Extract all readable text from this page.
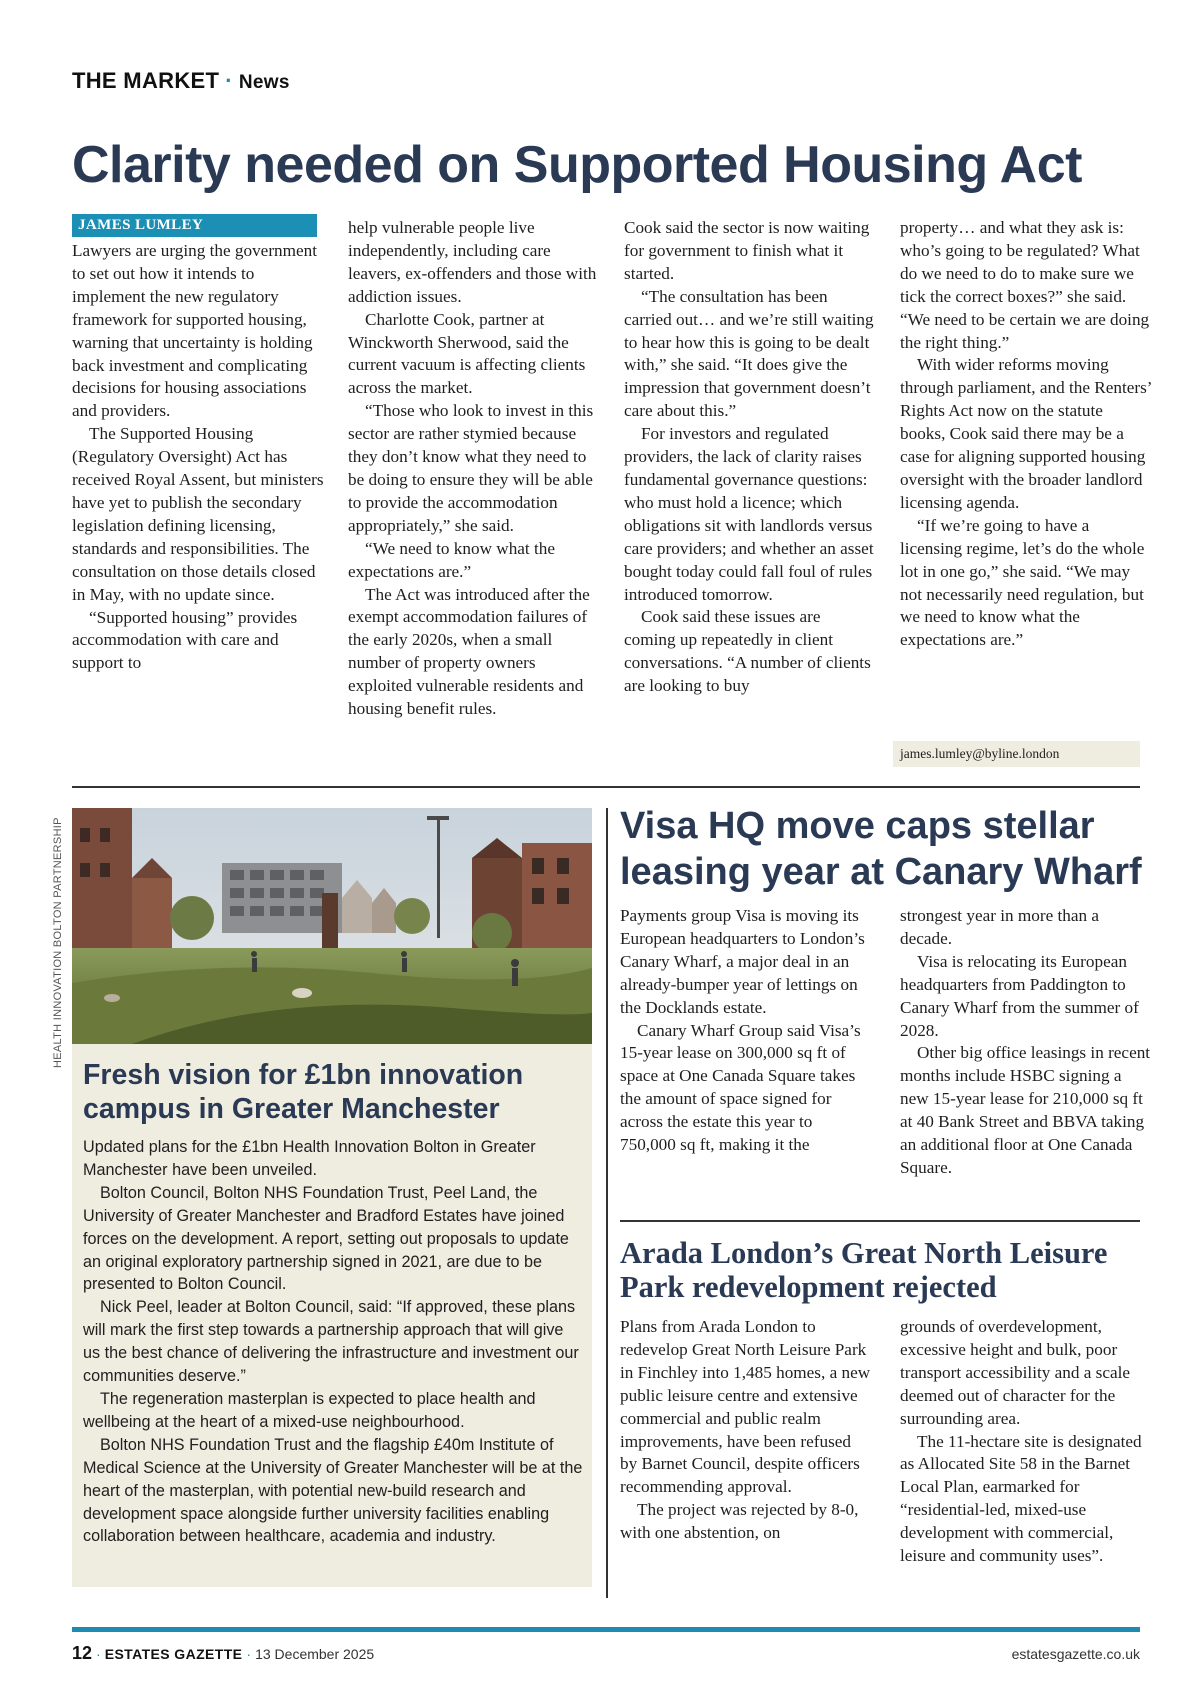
THE MARKET · News
Clarity needed on Supported Housing Act
JAMES LUMLEY

Lawyers are urging the government to set out how it intends to implement the new regulatory framework for supported housing, warning that uncertainty is holding back investment and complicating decisions for housing associations and providers.

The Supported Housing (Regulatory Oversight) Act has received Royal Assent, but ministers have yet to publish the secondary legislation defining licensing, standards and responsibilities. The consultation on those details closed in May, with no update since.

“Supported housing” provides accommodation with care and support to

help vulnerable people live independently, including care leavers, ex-offenders and those with addiction issues.

Charlotte Cook, partner at Winckworth Sherwood, said the current vacuum is affecting clients across the market.

“Those who look to invest in this sector are rather stymied because they don’t know what they need to be doing to ensure they will be able to provide the accommodation appropriately,” she said.

“We need to know what the expectations are.”

The Act was introduced after the exempt accommodation failures of the early 2020s, when a small number of property owners exploited vulnerable residents and housing benefit rules.

Cook said the sector is now waiting for government to finish what it started.

“The consultation has been carried out… and we’re still waiting to hear how this is going to be dealt with,” she said. “It does give the impression that government doesn’t care about this.”

For investors and regulated providers, the lack of clarity raises fundamental governance questions: who must hold a licence; which obligations sit with landlords versus care providers; and whether an asset bought today could fall foul of rules introduced tomorrow.

Cook said these issues are coming up repeatedly in client conversations. “A number of clients are looking to buy

property… and what they ask is: who’s going to be regulated? What do we need to do to make sure we tick the correct boxes?” she said. “We need to be certain we are doing the right thing.”

With wider reforms moving through parliament, and the Renters’ Rights Act now on the statute books, Cook said there may be a case for aligning supported housing oversight with the broader landlord licensing agenda.

“If we’re going to have a licensing regime, let’s do the whole lot in one go,” she said. “We may not necessarily need regulation, but we need to know what the expectations are.”

james.lumley@byline.london
HEALTH INNOVATION BOLTON PARTNERSHIP
Fresh vision for £1bn innovation campus in Greater Manchester

Updated plans for the £1bn Health Innovation Bolton in Greater Manchester have been unveiled.

Bolton Council, Bolton NHS Foundation Trust, Peel Land, the University of Greater Manchester and Bradford Estates have joined forces on the development. A report, setting out proposals to update an original exploratory partnership signed in 2021, are due to be presented to Bolton Council.

Nick Peel, leader at Bolton Council, said: “If approved, these plans will mark the first step towards a partnership approach that will give us the best chance of delivering the infrastructure and investment our communities deserve.”

The regeneration masterplan is expected to place health and wellbeing at the heart of a mixed-use neighbourhood.

Bolton NHS Foundation Trust and the flagship £40m Institute of Medical Science at the University of Greater Manchester will be at the heart of the masterplan, with potential new-build research and development space alongside further university facilities enabling collaboration between healthcare, academia and industry.

Visa HQ move caps stellar leasing year at Canary Wharf

Payments group Visa is moving its European headquarters to London’s Canary Wharf, a major deal in an already-bumper year of lettings on the Docklands estate.

Canary Wharf Group said Visa’s 15-year lease on 300,000 sq ft of space at One Canada Square takes the amount of space signed for across the estate this year to 750,000 sq ft, making it the

strongest year in more than a decade.

Visa is relocating its European headquarters from Paddington to Canary Wharf from the summer of 2028.

Other big office leasings in recent months include HSBC signing a new 15-year lease for 210,000 sq ft at 40 Bank Street and BBVA taking an additional floor at One Canada Square.

Arada London’s Great North Leisure Park redevelopment rejected

Plans from Arada London to redevelop Great North Leisure Park in Finchley into 1,485 homes, a new public leisure centre and extensive commercial and public realm improvements, have been refused by Barnet Council, despite officers recommending approval.

The project was rejected by 8-0, with one abstention, on

grounds of overdevelopment, excessive height and bulk, poor transport accessibility and a scale deemed out of character for the surrounding area.

The 11-hectare site is designated as Allocated Site 58 in the Barnet Local Plan, earmarked for “residential-led, mixed-use development with commercial, leisure and community uses”.

12 · ESTATES GAZETTE · 13 December 2025	estatesgazette.co.uk
